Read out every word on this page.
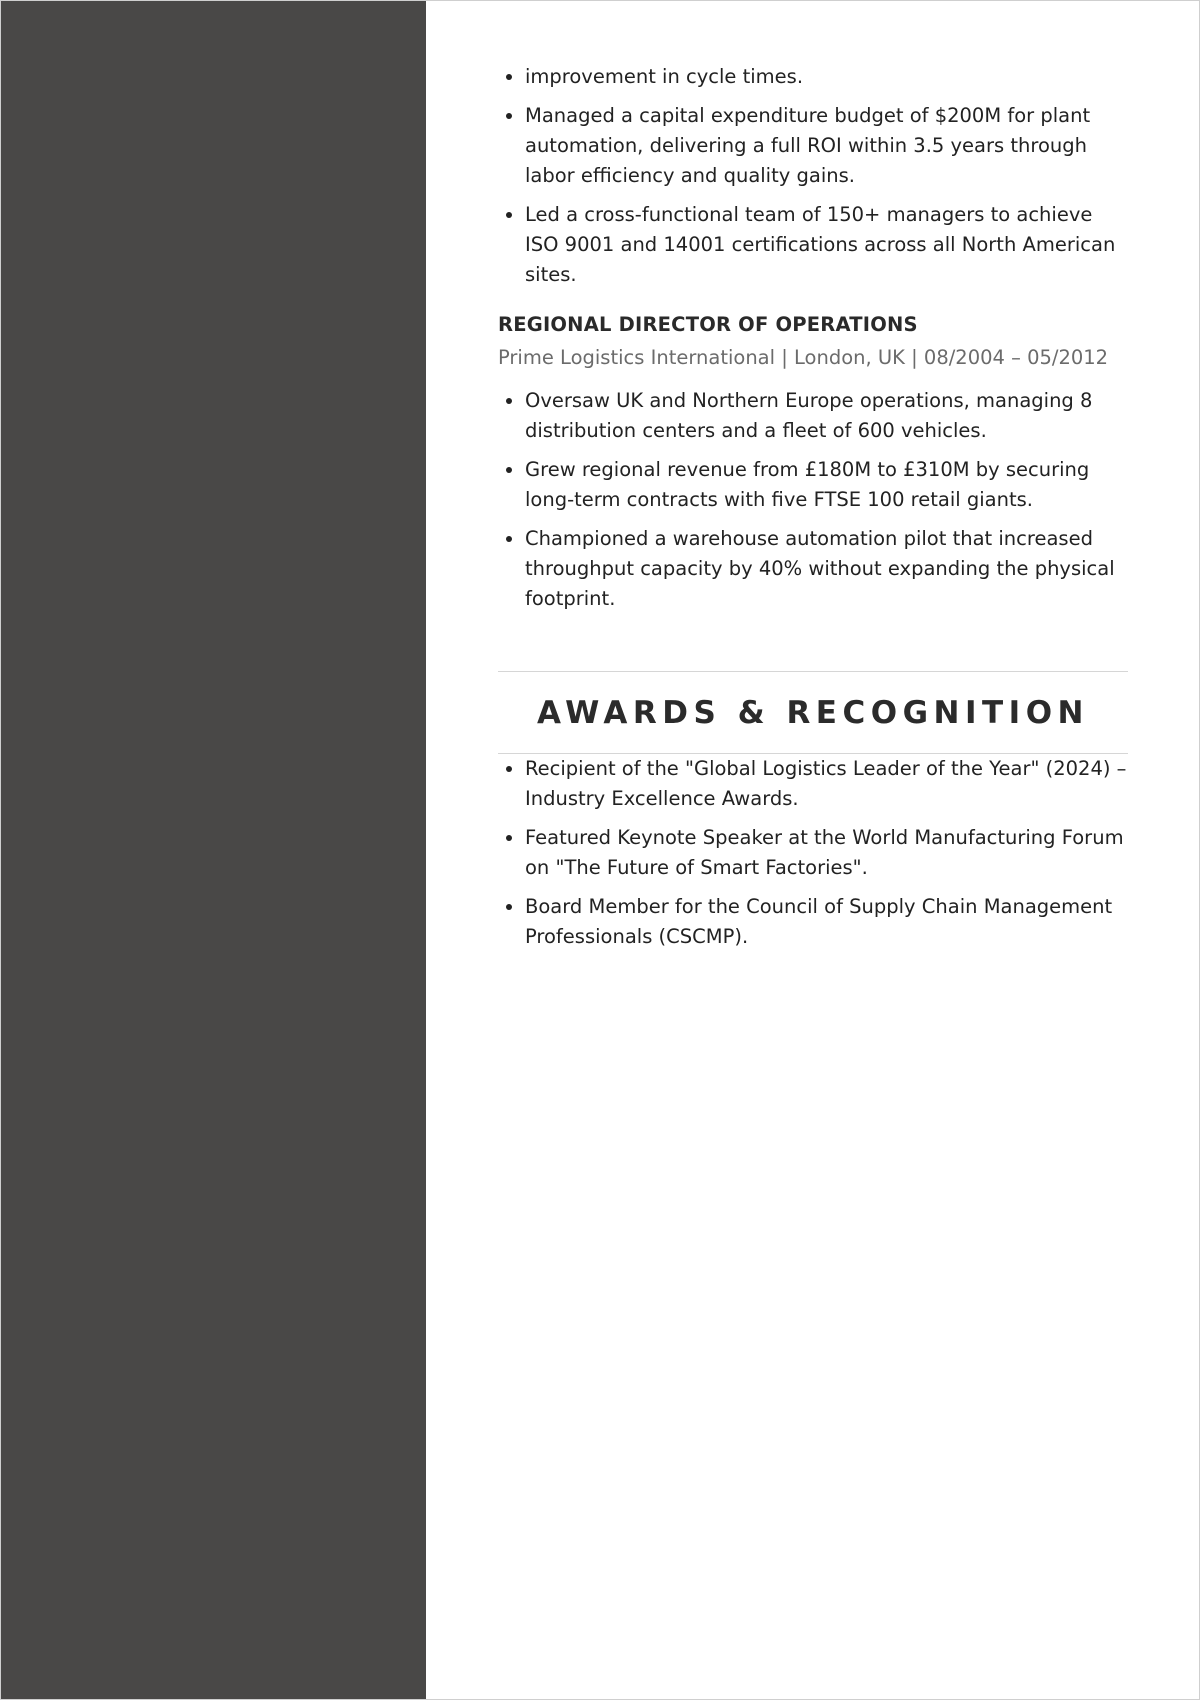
• improvement in cycle times.
• Managed a capital expenditure budget of $200M for plant automation, delivering a full ROI within 3.5 years through labor efficiency and quality gains.
• Led a cross-functional team of 150+ managers to achieve ISO 9001 and 14001 certifications across all North American sites.

REGIONAL DIRECTOR OF OPERATIONS

Prime Logistics International | London, UK | 08/2004 – 05/2012

• Oversaw UK and Northern Europe operations, managing 8 distribution centers and a fleet of 600 vehicles.
• Grew regional revenue from £180M to £310M by securing long-term contracts with five FTSE 100 retail giants.
• Championed a warehouse automation pilot that increased throughput capacity by 40% without expanding the physical footprint.
AWARDS & RECOGNITION
• Recipient of the "Global Logistics Leader of the Year" (2024) – Industry Excellence Awards.
• Featured Keynote Speaker at the World Manufacturing Forum on "The Future of Smart Factories".
• Board Member for the Council of Supply Chain Management Professionals (CSCMP).
